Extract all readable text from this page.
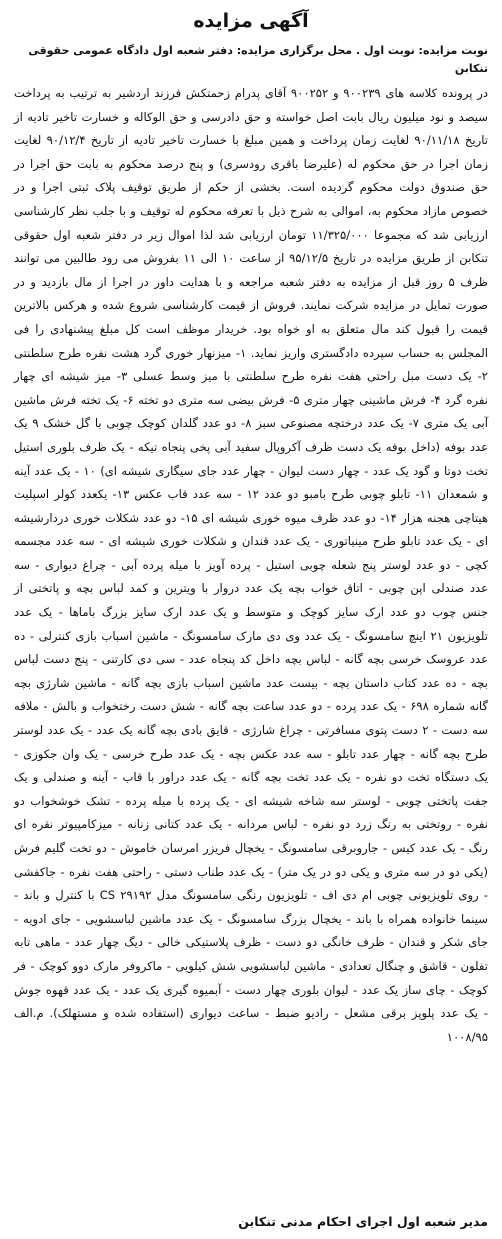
آگهی مزایده
نوبت مزایده: نوبت اول . محل برگزاری مزایده: دفتر شعبه اول دادگاه عمومی حقوقی تنکابن

در پرونده کلاسه های ۹۰۰۲۳۹ و ۹۰۰۲۵۲ آقای پدرام زحمتکش فرزند اردشیر به ترتیب به پرداخت سیصد و نود میلیون ریال بابت اصل خواسته و حق دادرسی و حق الوکاله و خسارت تاخیر تادیه از تاریخ ۹۰/۱۱/۱۸ لغایت زمان پرداخت و همین مبلغ با خسارت تاخیر تادیه از تاریخ ۹۰/۱۲/۴ لغایت زمان اجرا در حق محکوم له (علیرضا باقری رودسری) و پنج درصد محکوم به بابت حق اجرا در حق صندوق دولت محکوم گردیده است. بخشی از حکم از طریق توقیف پلاک ثبتی اجرا و در خصوص مازاد محکوم به، اموالی به شرح ذیل با تعرفه محکوم له توقیف و با جلب نظر کارشناسی ارزیابی شد که مجموعا ۱۱/۳۲۵/۰۰۰ تومان ارزیابی شد لذا اموال زیر در دفتر شعبه اول حقوقی تنکابن از طریق مزایده در تاریخ ۹۵/۱۲/۵ از ساعت ۱۰ الی ۱۱ بفروش می رود طالبین می توانند ظرف ۵ روز قبل از مزایده به دفتر شعبه مراجعه و با هدایت داور در اجرا از مال بازدید و در صورت تمایل در مزایده شرکت نمایند. فروش از قیمت کارشناسی شروع شده و هرکس بالاترین قیمت را قبول کند مال متعلق به او خواه بود. خریدار موظف است کل مبلغ پیشنهادی را فی المجلس به حساب سپرده دادگستری واریز نماید. ۱- میزنهار خوری گرد هشت نفره طرح سلطنتی ۲- یک دست مبل راحتی هفت نفره طرح سلطنتی با میز وسط عسلی ۳- میز شیشه ای چهار نفره گرد ۴- فرش ماشینی چهار متری ۵- فرش بیضی سه متری دو تخته ۶- یک تخته فرش ماشین آبی یک متری ۷- یک عدد درختچه مصنوعی سبز ۸- دو عدد گلدان کوچک چوبی با گل خشک ۹ یک عدد بوفه (داخل بوفه یک دست ظرف آکروپال سفید آبی پخی پنجاه تیکه - یک ظرف بلوری استیل تخت دوتا و گود یک عدد - چهار دست لیوان - چهار عدد جای سیگاری شیشه ای) ۱۰ - یک عدد آینه و شمعدان ۱۱- تابلو چوبی طرح بامبو دو عدد ۱۲ - سه عدد قاب عکس ۱۳- یکعدد کولر اسپلیت هیتاچی هجنه هزار ۱۴- دو عدد ظرف میوه خوری شیشه ای ۱۵- دو عدد شکلات خوری دردارشیشه ای - یک عدد تابلو طرح مینیاتوری - یک عدد قندان و شکلات خوری شیشه ای - سه عدد مجسمه کچی - دو عدد لوستر پنج شعله چوبی استیل - پرده آویز با میله پرده آبی - چراغ دیواری - سه عدد صندلی اپن چوبی - اتاق خواب بچه یک عدد دروار با ویترین و کمد لباس بچه و پاتختی از جنس چوب دو عدد ارک سایز کوچک و متوسط و یک عدد ارک سایز بزرگ باماها - یک عدد تلویزیون ۲۱ اینچ سامسونگ - یک عدد وی دی مارک سامسونگ - ماشین اسباب بازی کنترلی - ده عدد عروسک خرسی بچه گانه - لباس بچه داخل کد پنجاه عدد - سی دی کارتنی - پنج دست لباس بچه - ده عدد کتاب داستان بچه - بیست عدد ماشین اسباب بازی بچه گانه - ماشین شارژی بچه گانه شماره ۶۹۸ - یک عدد پرده - دو عدد ساعت بچه گانه - شش دست رختخواب و بالش - ملافه سه دست - ۲ دست پتوی مسافرتی - چراغ شارژی - قایق بادی بچه گانه یک عدد - یک عدد لوستر طرح بچه گانه - چهار عدد تابلو - سه عدد عکس بچه - یک عدد طرح خرسی - یک وان جکوزی - یک دستگاه تخت دو نفره - یک عدد تخت بچه گانه - یک عدد دراور با قاب - آینه و صندلی و یک جفت پاتختی چوبی - لوستر سه شاخه شیشه ای - یک پرده با میله پرده - تشک خوشخواب دو نفره - روتختی به رنگ زرد دو نفره - لباس مردانه - یک عدد کتانی زنانه - میزکامپیوتر نقره ای رنگ - یک عدد کیس - جاروبرقی سامسونگ - یخچال فریزر امرسان خاموش - دو تخت گلیم فرش (یکی دو در سه متری و یکی دو در یک متر) - یک عدد طناب دستی - راحتی هفت نفره - جاکفشی - روی تلویزیونی چوبی ام دی اف - تلویزیون رنگی سامسونگ مدل CS ۲۹۱۹۲ با کنترل و باند - سینما خانواده همراه با باند - یخچال بزرگ سامسونگ - یک عدد ماشین لباسشویی - جای ادویه - جای شکر و قندان - ظرف خانگی دو دست - ظرف پلاستیکی خالی - دیگ چهار عدد - ماهی تابه تفلون - قاشق و چنگال تعدادی - ماشین لباسشویی شش کیلویی - ماکروفر مارک دوو کوچک - فر کوچک - چای ساز یک عدد - لیوان بلوری چهار دست - آبمیوه گیری یک عدد - یک عدد قهوه جوش - یک عدد پلوپز برقی مشعل - رادیو ضبط - ساعت دیواری (استفاده شده و مستهلک). م.الف ۱۰۰۸/۹۵

مدیر شعبه اول اجرای احکام مدنی تنکابن
